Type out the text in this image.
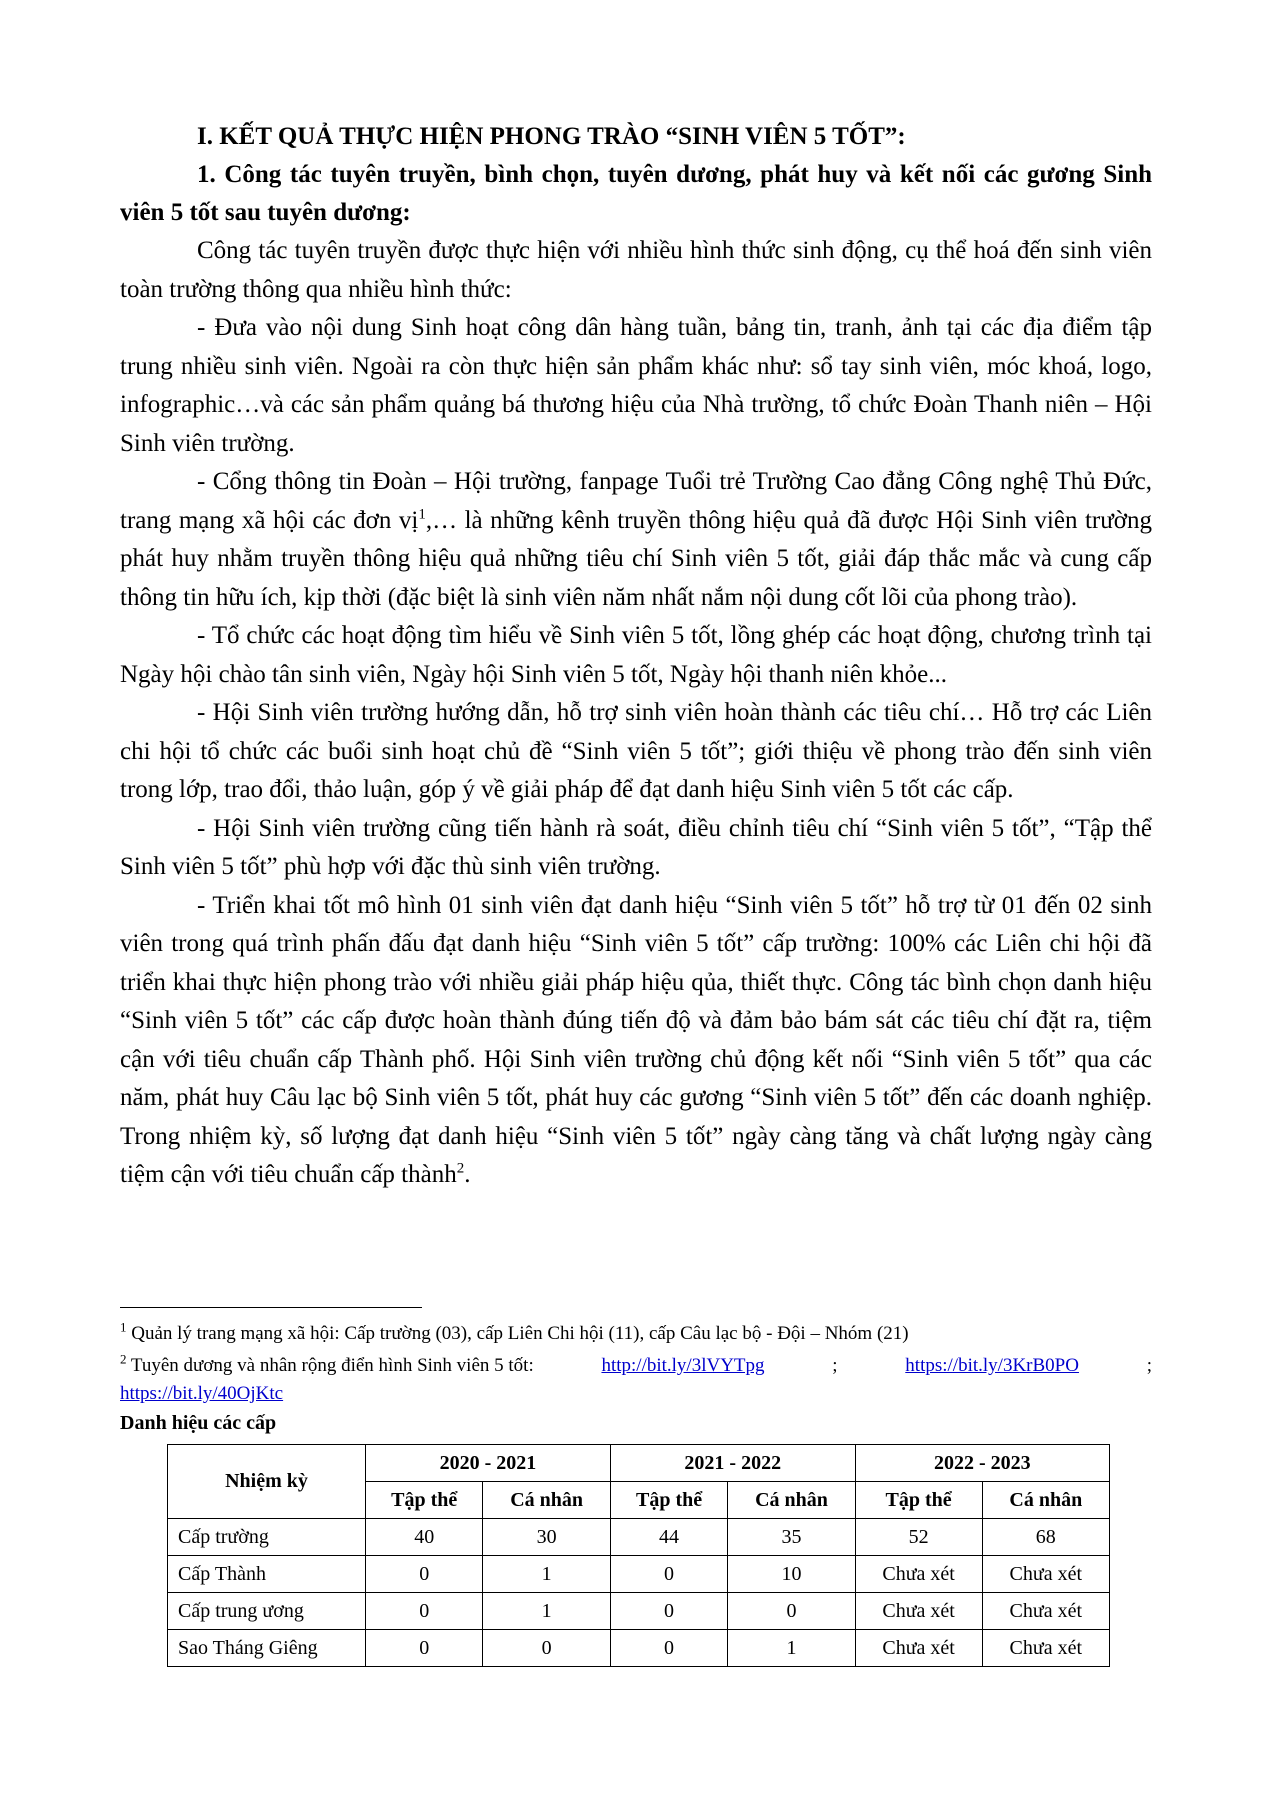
I. KẾT QUẢ THỰC HIỆN PHONG TRÀO “SINH VIÊN 5 TỐT”:

1. Công tác tuyên truyền, bình chọn, tuyên dương, phát huy và kết nối các gương Sinh viên 5 tốt sau tuyên dương:

Công tác tuyên truyền được thực hiện với nhiều hình thức sinh động, cụ thể hoá đến sinh viên toàn trường thông qua nhiều hình thức:

- Đưa vào nội dung Sinh hoạt công dân hàng tuần, bảng tin, tranh, ảnh tại các địa điểm tập trung nhiều sinh viên. Ngoài ra còn thực hiện sản phẩm khác như: sổ tay sinh viên, móc khoá, logo, infographic…và các sản phẩm quảng bá thương hiệu của Nhà trường, tổ chức Đoàn Thanh niên – Hội Sinh viên trường.

- Cổng thông tin Đoàn – Hội trường, fanpage Tuổi trẻ Trường Cao đẳng Công nghệ Thủ Đức, trang mạng xã hội các đơn vị$^1$,… là những kênh truyền thông hiệu quả đã được Hội Sinh viên trường phát huy nhằm truyền thông hiệu quả những tiêu chí Sinh viên 5 tốt, giải đáp thắc mắc và cung cấp thông tin hữu ích, kịp thời (đặc biệt là sinh viên năm nhất nắm nội dung cốt lõi của phong trào).

- Tổ chức các hoạt động tìm hiểu về Sinh viên 5 tốt, lồng ghép các hoạt động, chương trình tại Ngày hội chào tân sinh viên, Ngày hội Sinh viên 5 tốt, Ngày hội thanh niên khỏe...

- Hội Sinh viên trường hướng dẫn, hỗ trợ sinh viên hoàn thành các tiêu chí… Hỗ trợ các Liên chi hội tổ chức các buổi sinh hoạt chủ đề “Sinh viên 5 tốt”; giới thiệu về phong trào đến sinh viên trong lớp, trao đổi, thảo luận, góp ý về giải pháp để đạt danh hiệu Sinh viên 5 tốt các cấp.

- Hội Sinh viên trường cũng tiến hành rà soát, điều chỉnh tiêu chí “Sinh viên 5 tốt”, “Tập thể Sinh viên 5 tốt” phù hợp với đặc thù sinh viên trường.

- Triển khai tốt mô hình 01 sinh viên đạt danh hiệu “Sinh viên 5 tốt” hỗ trợ từ 01 đến 02 sinh viên trong quá trình phấn đấu đạt danh hiệu “Sinh viên 5 tốt” cấp trường: 100% các Liên chi hội đã triển khai thực hiện phong trào với nhiều giải pháp hiệu qủa, thiết thực. Công tác bình chọn danh hiệu “Sinh viên 5 tốt” các cấp được hoàn thành đúng tiến độ và đảm bảo bám sát các tiêu chí đặt ra, tiệm cận với tiêu chuẩn cấp Thành phố. Hội Sinh viên trường chủ động kết nối “Sinh viên 5 tốt” qua các năm, phát huy Câu lạc bộ Sinh viên 5 tốt, phát huy các gương “Sinh viên 5 tốt” đến các doanh nghiệp. Trong nhiệm kỳ, số lượng đạt danh hiệu “Sinh viên 5 tốt” ngày càng tăng và chất lượng ngày càng tiệm cận với tiêu chuẩn cấp thành$^2$.

$^1$ Quản lý trang mạng xã hội: Cấp trường (03), cấp Liên Chi hội (11), cấp Câu lạc bộ - Đội – Nhóm (21)
$^2$ Tuyên dương và nhân rộng điển hình Sinh viên 5 tốt:	http://bit.ly/3lVYTpg	;	https://bit.ly/3KrB0PO	;
https://bit.ly/40OjKtc
Danh hiệu các cấp
Nhiệm kỳ	2020 - 2021		2021 - 2022		2022 - 2023	
	Tập thể	Cá nhân	Tập thể	Cá nhân	Tập thể	Cá nhân
Cấp trường	40	30	44	35	52	68
Cấp Thành	0	1	0	10	Chưa xét	Chưa xét
Cấp trung ương	0	1	0	0	Chưa xét	Chưa xét
Sao Tháng Giêng	0	0	0	1	Chưa xét	Chưa xét
